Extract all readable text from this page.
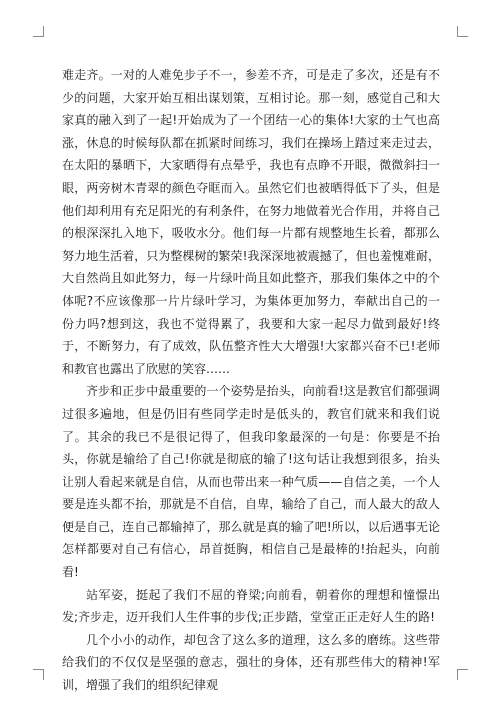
难走齐。一对的人难免步子不一，参差不齐，可是走了多次，还是有不少的问题，大家开始互相出谋划策，互相讨论。那一刻，感觉自己和大家真的融入到了一起!开始成为了一个团结一心的集体!大家的士气也高涨，休息的时候每队都在抓紧时间练习，我们在操场上踏过来走过去，在太阳的暴晒下，大家晒得有点晕乎，我也有点睁不开眼，微微斜扫一眼，两旁树木青翠的颜色夺眶而入。虽然它们也被晒得低下了头，但是他们却利用有充足阳光的有利条件，在努力地做着光合作用，并将自己的根深深扎入地下，吸收水分。他们每一片都有规整地生长着，都那么努力地生活着，只为整棵树的繁荣!我深深地被震撼了，但也羞愧难耐，大自然尚且如此努力，每一片绿叶尚且如此整齐，那我们集体之中的个体呢?不应该像那一片片绿叶学习，为集体更加努力，奉献出自己的一份力吗?想到这，我也不觉得累了，我要和大家一起尽力做到最好!终于，不断努力，有了成效，队伍整齐性大大增强!大家都兴奋不已!老师和教官也露出了欣慰的笑容……

齐步和正步中最重要的一个姿势是抬头，向前看!这是教官们都强调过很多遍地，但是仍旧有些同学走时是低头的，教官们就来和我们说了。其余的我已不是很记得了，但我印象最深的一句是：你要是不抬头，你就是输给了自己!你就是彻底的输了!这句话让我想到很多，抬头让别人看起来就是自信，从而也带出来一种气质——自信之美，一个人要是连头都不抬，那就是不自信，自卑，输给了自己，而人最大的敌人便是自己，连自己都输掉了，那么就是真的输了吧!所以，以后遇事无论怎样都要对自己有信心，昂首挺胸，相信自己是最棒的!抬起头，向前看!

站军姿，挺起了我们不屈的脊梁;向前看，朝着你的理想和憧憬出发;齐步走，迈开我们人生件事的步伐;正步踏，堂堂正正走好人生的路!

几个小小的动作，却包含了这么多的道理，这么多的磨练。这些带给我们的不仅仅是坚强的意志，强壮的身体，还有那些伟大的精神!军训，增强了我们的组织纪律观
